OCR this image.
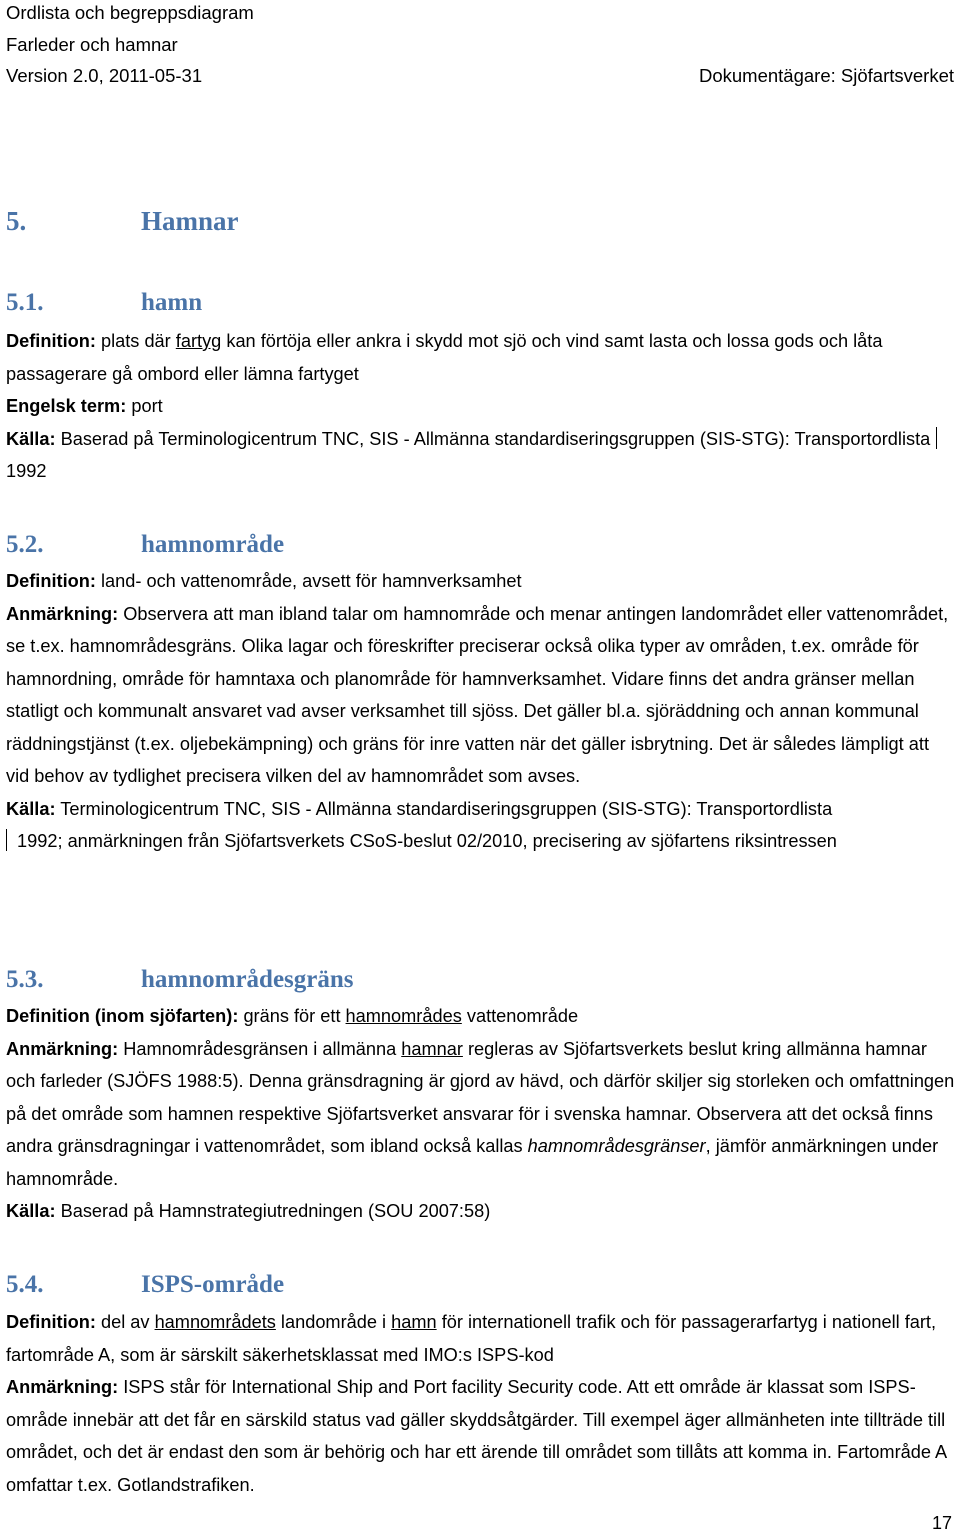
Ordlista och begreppsdiagram
Farleder och hamnar
Version 2.0, 2011-05-31	Dokumentägare: Sjöfartsverket
5.	Hamnar
5.1.	hamn

Definition: plats där fartyg kan förtöja eller ankra i skydd mot sjö och vind samt lasta och lossa gods och låta passagerare gå ombord eller lämna fartyget

Engelsk term: port

Källa: Baserad på Terminologicentrum TNC, SIS - Allmänna standardiseringsgruppen (SIS-STG): Transportordlista1992

5.2.	hamnområde

Definition: land- och vattenområde, avsett för hamnverksamhet

Anmärkning: Observera att man ibland talar om hamnområde och menar antingen landområdet eller vattenområdet, se t.ex. hamnområdesgräns. Olika lagar och föreskrifter preciserar också olika typer av områden, t.ex. område för hamnordning, område för hamntaxa och planområde för hamnverksamhet. Vidare finns det andra gränser mellan statligt och kommunalt ansvaret vad avser verksamhet till sjöss. Det gäller bl.a. sjöräddning och annan kommunal räddningstjänst (t.ex. oljebekämpning) och gräns för inre vatten när det gäller isbrytning. Det är således lämpligt att vid behov av tydlighet precisera vilken del av hamnområdet som avses.

Källa: Terminologicentrum TNC, SIS - Allmänna standardiseringsgruppen (SIS-STG): Transportordlista
1992; anmärkningen från Sjöfartsverkets CSoS-beslut 02/2010, precisering av sjöfartens riksintressen

5.3.	hamnområdesgräns

Definition (inom sjöfarten): gräns för ett hamnområdes vattenområde

Anmärkning: Hamnområdesgränsen i allmänna hamnar regleras av Sjöfartsverkets beslut kring allmänna hamnar och farleder (SJÖFS 1988:5). Denna gränsdragning är gjord av hävd, och därför skiljer sig storleken och omfattningen på det område som hamnen respektive Sjöfartsverket ansvarar för i svenska hamnar. Observera att det också finns andra gränsdragningar i vattenområdet, som ibland också kallas hamnområdesgränser, jämför anmärkningen under hamnområde.

Källa: Baserad på Hamnstrategiutredningen (SOU 2007:58)

5.4.	ISPS-område

Definition: del av hamnområdets landområde i hamn för internationell trafik och för passagerarfartyg i nationell fart, fartområde A, som är särskilt säkerhetsklassat med IMO:s ISPS-kod

Anmärkning: ISPS står för International Ship and Port facility Security code. Att ett område är klassat som ISPS-område innebär att det får en särskild status vad gäller skyddsåtgärder. Till exempel äger allmänheten inte tillträde till området, och det är endast den som är behörig och har ett ärende till området som tillåts att komma in. Fartområde A omfattar t.ex. Gotlandstrafiken.

17
